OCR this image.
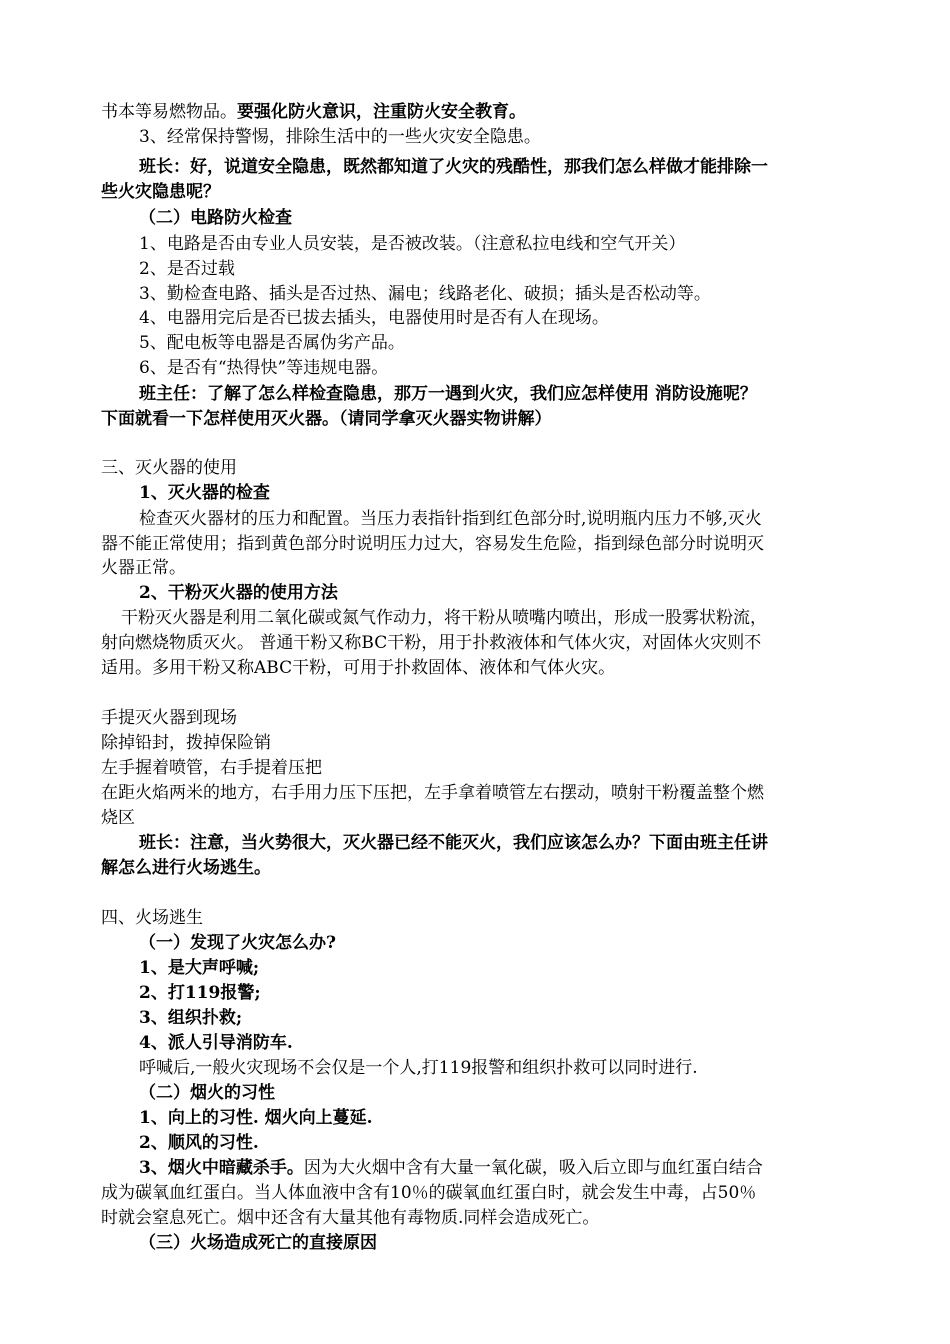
书本等易燃物品。要强化防火意识，注重防火安全教育。
3、经常保持警惕，排除生活中的一些火灾安全隐患。
班长：好，说道安全隐患，既然都知道了火灾的残酷性，那我们怎么样做才能排除一
些火灾隐患呢？
（二）电路防火检查
1、电路是否由专业人员安装，是否被改装。（注意私拉电线和空气开关）
2、是否过载
3、勤检查电路、插头是否过热、漏电；线路老化、破损；插头是否松动等。
4、电器用完后是否已拔去插头，电器使用时是否有人在现场。
5、配电板等电器是否属伪劣产品。
6、是否有“热得快”等违规电器。
班主任：了解了怎么样检查隐患，那万一遇到火灾，我们应怎样使用 消防设施呢？
下面就看一下怎样使用灭火器。（请同学拿灭火器实物讲解）
三、灭火器的使用
1、灭火器的检查
检查灭火器材的压力和配置。当压力表指针指到红色部分时,说明瓶内压力不够,灭火
器不能正常使用；指到黄色部分时说明压力过大，容易发生危险，指到绿色部分时说明灭
火器正常。
2、干粉灭火器的使用方法
干粉灭火器是利用二氧化碳或氮气作动力，将干粉从喷嘴内喷出，形成一股雾状粉流，
射向燃烧物质灭火。 普通干粉又称BC干粉，用于扑救液体和气体火灾，对固体火灾则不
适用。多用干粉又称ABC干粉，可用于扑救固体、液体和气体火灾。
手提灭火器到现场
除掉铅封，拨掉保险销
左手握着喷管，右手提着压把
在距火焰两米的地方，右手用力压下压把，左手拿着喷管左右摆动，喷射干粉覆盖整个燃
烧区
班长：注意，当火势很大，灭火器已经不能灭火，我们应该怎么办？下面由班主任讲
解怎么进行火场逃生。
四、火场逃生
（一）发现了火灾怎么办?
1、是大声呼喊;
2、打119报警;
3、组织扑救;
4、派人引导消防车.
呼喊后,一般火灾现场不会仅是一个人,打119报警和组织扑救可以同时进行.
（二）烟火的习性
1、向上的习性. 烟火向上蔓延.
2、顺风的习性.
3、烟火中暗藏杀手。因为大火烟中含有大量一氧化碳，吸入后立即与血红蛋白结合
成为碳氧血红蛋白。当人体血液中含有10％的碳氧血红蛋白时，就会发生中毒，占50％
时就会窒息死亡。烟中还含有大量其他有毒物质.同样会造成死亡。
（三）火场造成死亡的直接原因
